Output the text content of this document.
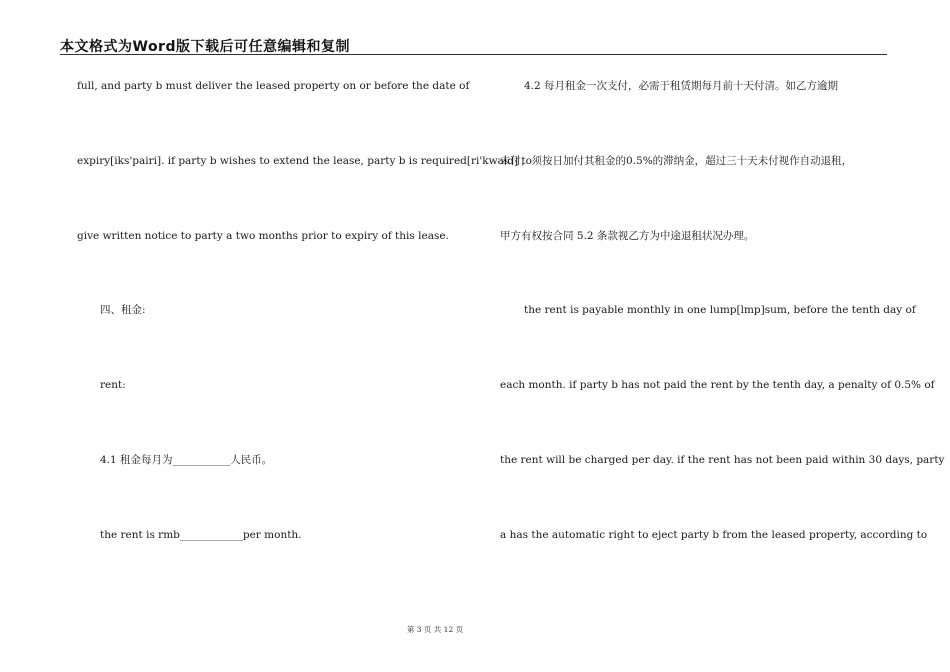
本文格式为Word版下载后可任意编辑和复制
full, and party b must deliver the leased property on or before the date of
expiry[iks'pairi]. if party b wishes to extend the lease, party b is required[ri'kwaid] to
give written notice to party a two months prior to expiry of this lease.
四、租金:
rent:
4.1 租金每月为___________人民币。
the rent is rmb____________per month.
4.2 每月租金一次支付，必需于租赁期每月前十天付清。如乙方逾期
未付，须按日加付其租金的0.5%的滞纳金，超过三十天未付视作自动退租，
甲方有权按合同 5.2 条款视乙方为中途退租状况办理。
the rent is payable monthly in one lump[lmp]sum, before the tenth day of
each month. if party b has not paid the rent by the tenth day, a penalty of 0.5% of
the rent will be charged per day. if the rent has not been paid within 30 days, party
a has the automatic right to eject party b from the leased property, according to
第 3 页 共 12 页
